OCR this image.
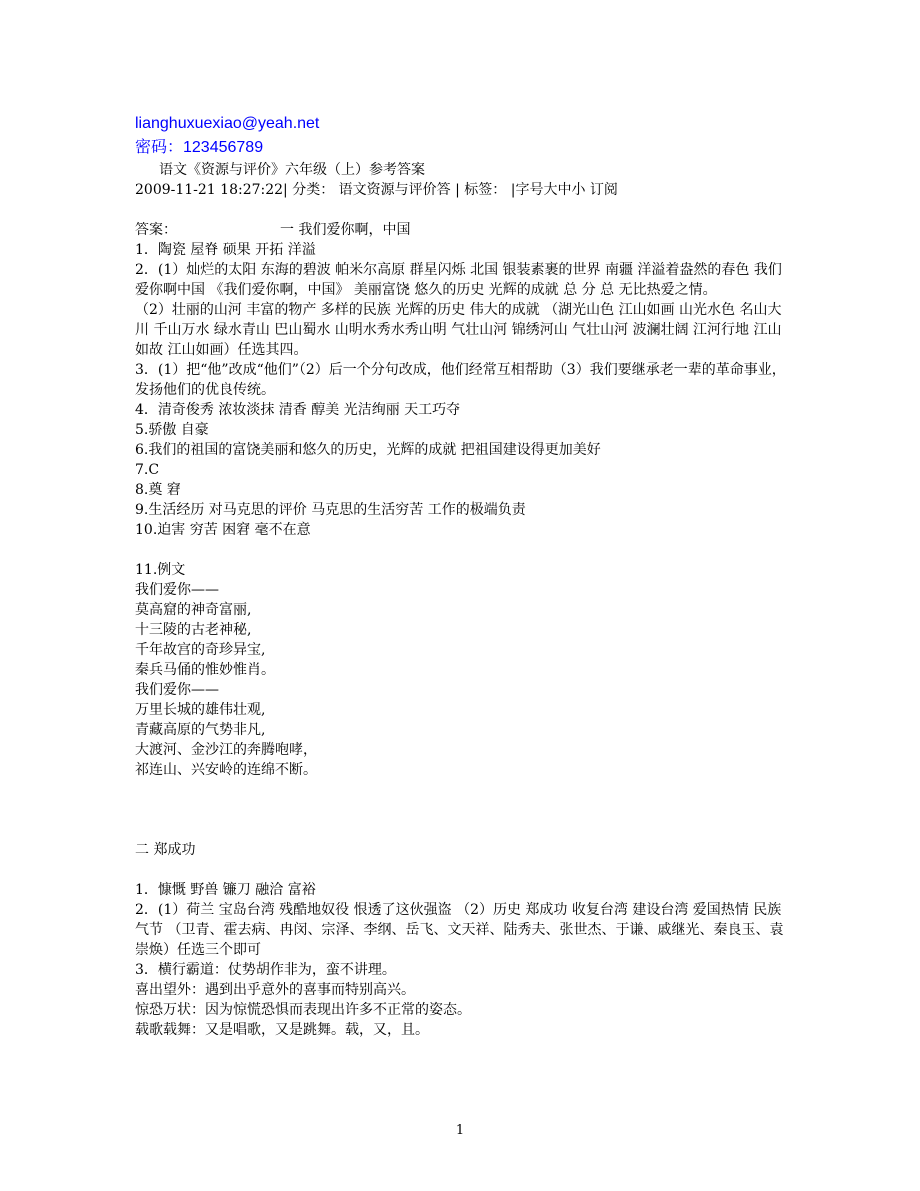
lianghuxuexiao@yeah.net
密码：123456789
语文《资源与评价》六年级（上）参考答案
2009-11-21 18:27:22| 分类： 语文资源与评价答 | 标签： |字号大中小 订阅
答案：	一 我们爱你啊，中国
1．陶瓷 屋脊 硕果 开拓 洋溢
2．(1）灿烂的太阳 东海的碧波 帕米尔高原 群星闪烁 北国 银装素裹的世界 南疆 洋溢着盎然的春色 我们爱你啊中国 《我们爱你啊，中国》 美丽富饶 悠久的历史 光辉的成就 总 分 总 无比热爱之情。
（2）壮丽的山河 丰富的物产 多样的民族 光辉的历史 伟大的成就 （湖光山色 江山如画 山光水色 名山大川 千山万水 绿水青山 巴山蜀水 山明水秀水秀山明 气壮山河 锦绣河山 气壮山河 波澜壮阔 江河行地 江山如故 江山如画）任选其四。
3．(1）把“他”改成“他们”（2）后一个分句改成，他们经常互相帮助（3）我们要继承老一辈的革命事业，发扬他们的优良传统。
4．清奇俊秀 浓妆淡抹 清香 醇美 光洁绚丽 天工巧夺
5.骄傲 自豪
6.我们的祖国的富饶美丽和悠久的历史，光辉的成就 把祖国建设得更加美好
7.C
8.奠 窘
9.生活经历 对马克思的评价 马克思的生活穷苦 工作的极端负责
10.迫害 穷苦 困窘 毫不在意
11.例文
我们爱你——
莫高窟的神奇富丽,
十三陵的古老神秘,
千年故宫的奇珍异宝,
秦兵马俑的惟妙惟肖。
我们爱你——
万里长城的雄伟壮观,
青藏高原的气势非凡,
大渡河、金沙江的奔腾咆哮，
祁连山、兴安岭的连绵不断。
二 郑成功
1．慷慨 野兽 镰刀 融洽 富裕
2．(1）荷兰 宝岛台湾 残酷地奴役 恨透了这伙强盗 （2）历史 郑成功 收复台湾 建设台湾 爱国热情 民族气节 （卫青、霍去病、冉闵、宗泽、李纲、岳飞、文天祥、陆秀夫、张世杰、于谦、戚继光、秦良玉、袁崇焕）任选三个即可
3．横行霸道：仗势胡作非为，蛮不讲理。
喜出望外：遇到出乎意外的喜事而特别高兴。
惊恐万状：因为惊慌恐惧而表现出许多不正常的姿态。
载歌载舞：又是唱歌，又是跳舞。载，又，且。
1
